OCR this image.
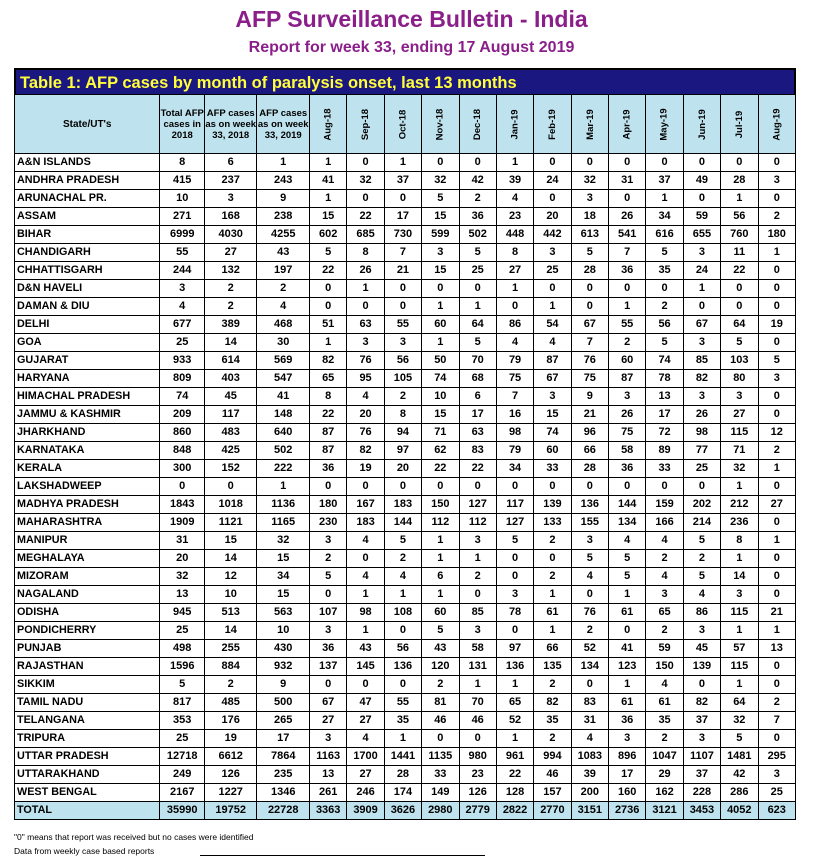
AFP Surveillance Bulletin - India
Report for week 33, ending 17 August 2019
Table 1: AFP cases by month of paralysis onset, last 13 months
State/UT's	Total AFP cases in 2018	AFP cases as on week 33, 2018	AFP cases as on week 33, 2019	Aug-18	Sep-18	Oct-18	Nov-18	Dec-18	Jan-19	Feb-19	Mar-19	Apr-19	May-19	Jun-19	Jul-19	Aug-19
A&N ISLANDS	8	6	1	1	0	1	0	0	1	0	0	0	0	0	0	0
ANDHRA PRADESH	415	237	243	41	32	37	32	42	39	24	32	31	37	49	28	3
ARUNACHAL PR.	10	3	9	1	0	0	5	2	4	0	3	0	1	0	1	0
ASSAM	271	168	238	15	22	17	15	36	23	20	18	26	34	59	56	2
BIHAR	6999	4030	4255	602	685	730	599	502	448	442	613	541	616	655	760	180
CHANDIGARH	55	27	43	5	8	7	3	5	8	3	5	7	5	3	11	1
CHHATTISGARH	244	132	197	22	26	21	15	25	27	25	28	36	35	24	22	0
D&N HAVELI	3	2	2	0	1	0	0	0	1	0	0	0	0	1	0	0
DAMAN & DIU	4	2	4	0	0	0	1	1	0	1	0	1	2	0	0	0
DELHI	677	389	468	51	63	55	60	64	86	54	67	55	56	67	64	19
GOA	25	14	30	1	3	3	1	5	4	4	7	2	5	3	5	0
GUJARAT	933	614	569	82	76	56	50	70	79	87	76	60	74	85	103	5
HARYANA	809	403	547	65	95	105	74	68	75	67	75	87	78	82	80	3
HIMACHAL PRADESH	74	45	41	8	4	2	10	6	7	3	9	3	13	3	3	0
JAMMU & KASHMIR	209	117	148	22	20	8	15	17	16	15	21	26	17	26	27	0
JHARKHAND	860	483	640	87	76	94	71	63	98	74	96	75	72	98	115	12
KARNATAKA	848	425	502	87	82	97	62	83	79	60	66	58	89	77	71	2
KERALA	300	152	222	36	19	20	22	22	34	33	28	36	33	25	32	1
LAKSHADWEEP	0	0	1	0	0	0	0	0	0	0	0	0	0	0	1	0
MADHYA PRADESH	1843	1018	1136	180	167	183	150	127	117	139	136	144	159	202	212	27
MAHARASHTRA	1909	1121	1165	230	183	144	112	112	127	133	155	134	166	214	236	0
MANIPUR	31	15	32	3	4	5	1	3	5	2	3	4	4	5	8	1
MEGHALAYA	20	14	15	2	0	2	1	1	0	0	5	5	2	2	1	0
MIZORAM	32	12	34	5	4	4	6	2	0	2	4	5	4	5	14	0
NAGALAND	13	10	15	0	1	1	1	0	3	1	0	1	3	4	3	0
ODISHA	945	513	563	107	98	108	60	85	78	61	76	61	65	86	115	21
PONDICHERRY	25	14	10	3	1	0	5	3	0	1	2	0	2	3	1	1
PUNJAB	498	255	430	36	43	56	43	58	97	66	52	41	59	45	57	13
RAJASTHAN	1596	884	932	137	145	136	120	131	136	135	134	123	150	139	115	0
SIKKIM	5	2	9	0	0	0	2	1	1	2	0	1	4	0	1	0
TAMIL NADU	817	485	500	67	47	55	81	70	65	82	83	61	61	82	64	2
TELANGANA	353	176	265	27	27	35	46	46	52	35	31	36	35	37	32	7
TRIPURA	25	19	17	3	4	1	0	0	1	2	4	3	2	3	5	0
UTTAR PRADESH	12718	6612	7864	1163	1700	1441	1135	980	961	994	1083	896	1047	1107	1481	295
UTTARAKHAND	249	126	235	13	27	28	33	23	22	46	39	17	29	37	42	3
WEST BENGAL	2167	1227	1346	261	246	174	149	126	128	157	200	160	162	228	286	25
TOTAL	35990	19752	22728	3363	3909	3626	2980	2779	2822	2770	3151	2736	3121	3453	4052	623
"0" means that report was received but no cases were identified
Data from weekly case based reports
